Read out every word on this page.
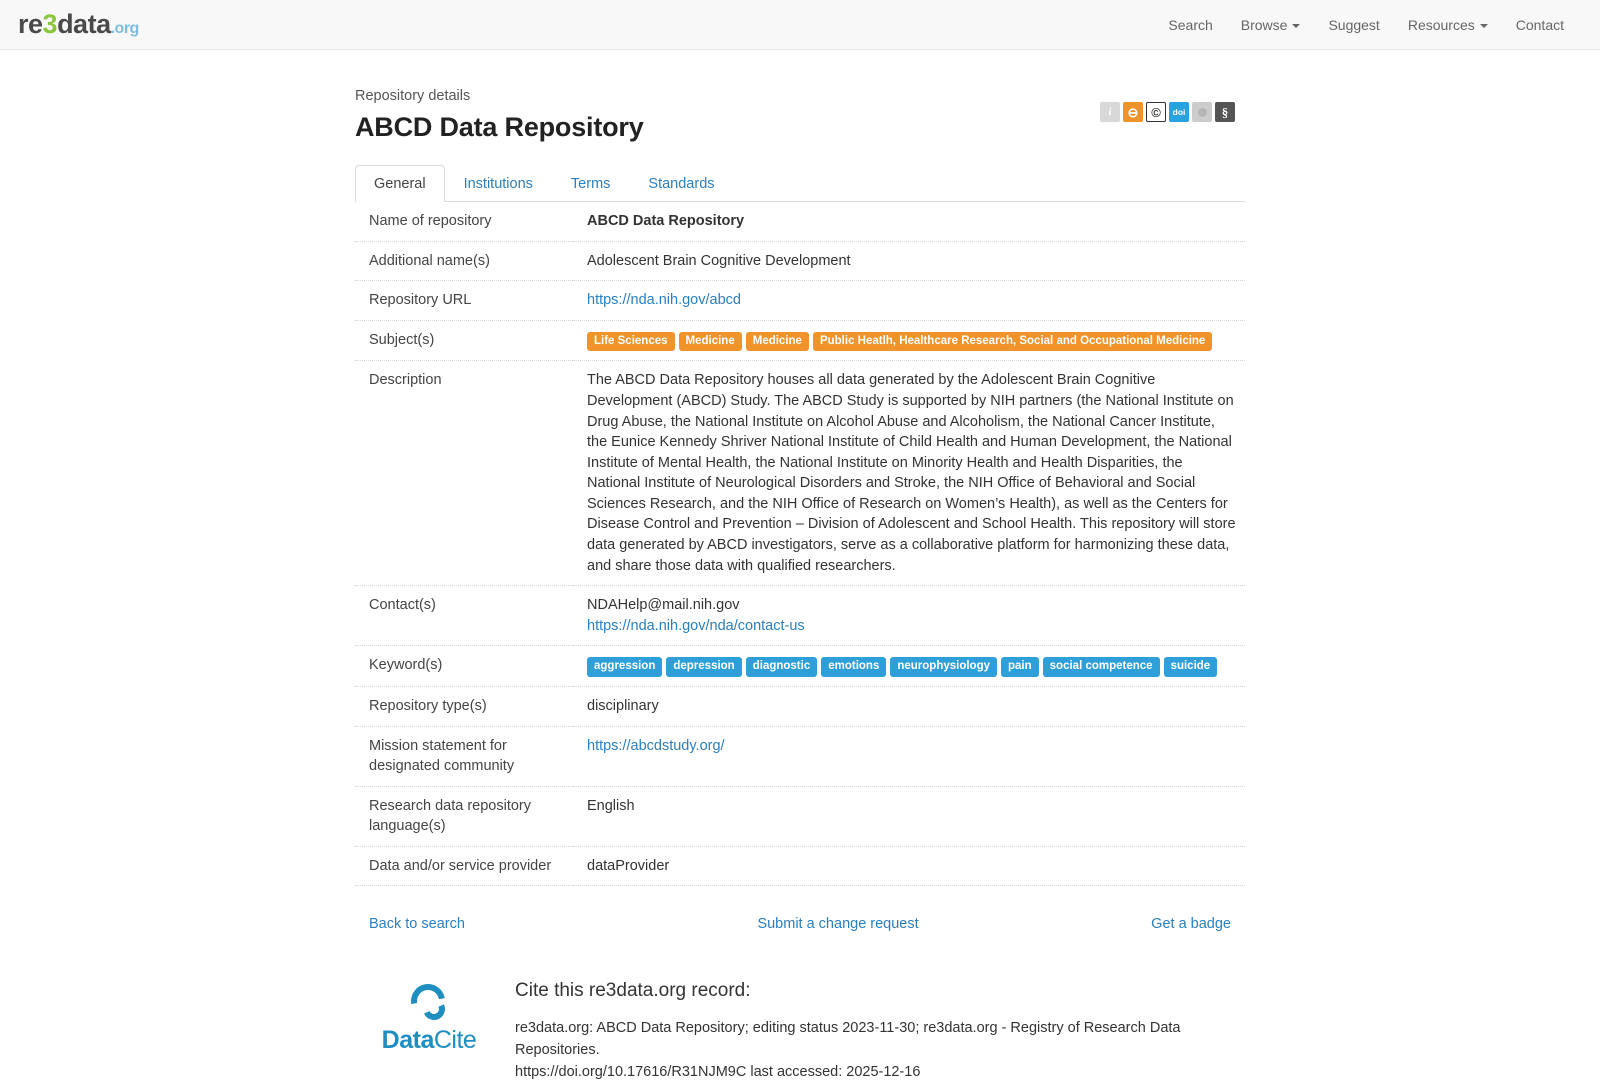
re 3 data .org	Search	Browse	Suggest	Resources	Contact
i ⊖ © doi	§
Repository details
ABCD Data Repository
General	Institutions	Terms	Standards
Name of repository	ABCD Data Repository
Additional name(s)	Adolescent Brain Cognitive Development
Repository URL	https://nda.nih.gov/abcd
Subject(s)	Life Sciences Medicine Medicine Public Heatlh, Healthcare Research, Social and Occupational Medicine

Description	The ABCD Data Repository houses all data generated by the Adolescent Brain Cognitive Development (ABCD) Study. The ABCD Study is supported by NIH partners (the National Institute on Drug Abuse, the National Institute on Alcohol Abuse and Alcoholism, the National Cancer Institute, the Eunice Kennedy Shriver National Institute of Child Health and Human Development, the National Institute of Mental Health, the National Institute on Minority Health and Health Disparities, the National Institute of Neurological Disorders and Stroke, the NIH Office of Behavioral and Social Sciences Research, and the NIH Office of Research on Women’s Health), as well as the Centers for Disease Control and Prevention – Division of Adolescent and School Health. This repository will store data generated by ABCD investigators, serve as a collaborative platform for harmonizing these data, and share those data with qualified researchers.
Contact(s)	NDAHelp@mail.nih.gov
https://nda.nih.gov/nda/contact-us
Keyword(s)	aggression	depression	diagnostic	emotions	neurophysiology	pain	social competence	suicide

Repository type(s)	disciplinary
Mission statement for designated community	https://abcdstudy.org/
Research data repository language(s)	English
Data and/or service provider	dataProvider
Back to search	Submit a change request	Get a badge
DataCite
Cite this re3data.org record:
re3data.org: ABCD Data Repository; editing status 2023-11-30; re3data.org - Registry of Research Data Repositories.
https://doi.org/10.17616/R31NJM9C last accessed: 2025-12-16
